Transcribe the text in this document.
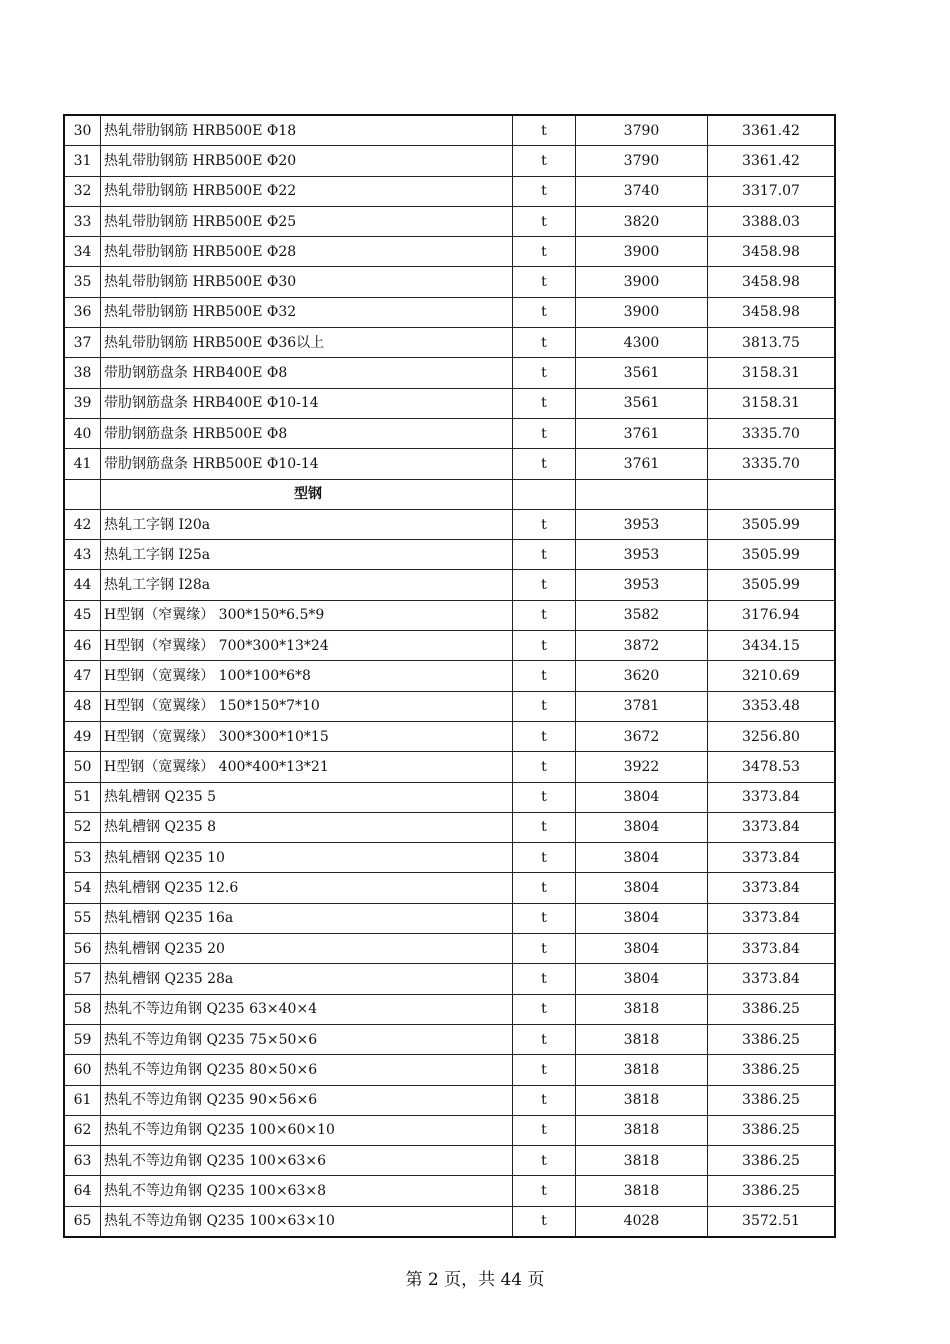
30	热轧带肋钢筋 HRB500E Φ18	t	3790	3361.42
31	热轧带肋钢筋 HRB500E Φ20	t	3790	3361.42
32	热轧带肋钢筋 HRB500E Φ22	t	3740	3317.07
33	热轧带肋钢筋 HRB500E Φ25	t	3820	3388.03
34	热轧带肋钢筋 HRB500E Φ28	t	3900	3458.98
35	热轧带肋钢筋 HRB500E Φ30	t	3900	3458.98
36	热轧带肋钢筋 HRB500E Φ32	t	3900	3458.98
37	热轧带肋钢筋 HRB500E Φ36以上	t	4300	3813.75
38	带肋钢筋盘条 HRB400E Φ8	t	3561	3158.31
39	带肋钢筋盘条 HRB400E Φ10-14	t	3561	3158.31
40	带肋钢筋盘条 HRB500E Φ8	t	3761	3335.70
41	带肋钢筋盘条 HRB500E Φ10-14	t	3761	3335.70
	型钢			
42	热轧工字钢 I20a	t	3953	3505.99
43	热轧工字钢 I25a	t	3953	3505.99
44	热轧工字钢 I28a	t	3953	3505.99
45	H型钢（窄翼缘） 300*150*6.5*9	t	3582	3176.94
46	H型钢（窄翼缘） 700*300*13*24	t	3872	3434.15
47	H型钢（宽翼缘） 100*100*6*8	t	3620	3210.69
48	H型钢（宽翼缘） 150*150*7*10	t	3781	3353.48
49	H型钢（宽翼缘） 300*300*10*15	t	3672	3256.80
50	H型钢（宽翼缘） 400*400*13*21	t	3922	3478.53
51	热轧槽钢 Q235 5	t	3804	3373.84
52	热轧槽钢 Q235 8	t	3804	3373.84
53	热轧槽钢 Q235 10	t	3804	3373.84
54	热轧槽钢 Q235 12.6	t	3804	3373.84
55	热轧槽钢 Q235 16a	t	3804	3373.84
56	热轧槽钢 Q235 20	t	3804	3373.84
57	热轧槽钢 Q235 28a	t	3804	3373.84
58	热轧不等边角钢 Q235 63×40×4	t	3818	3386.25
59	热轧不等边角钢 Q235 75×50×6	t	3818	3386.25
60	热轧不等边角钢 Q235 80×50×6	t	3818	3386.25
61	热轧不等边角钢 Q235 90×56×6	t	3818	3386.25
62	热轧不等边角钢 Q235 100×60×10	t	3818	3386.25
63	热轧不等边角钢 Q235 100×63×6	t	3818	3386.25
64	热轧不等边角钢 Q235 100×63×8	t	3818	3386.25
65	热轧不等边角钢 Q235 100×63×10	t	4028	3572.51
第 2 页，共 44 页
